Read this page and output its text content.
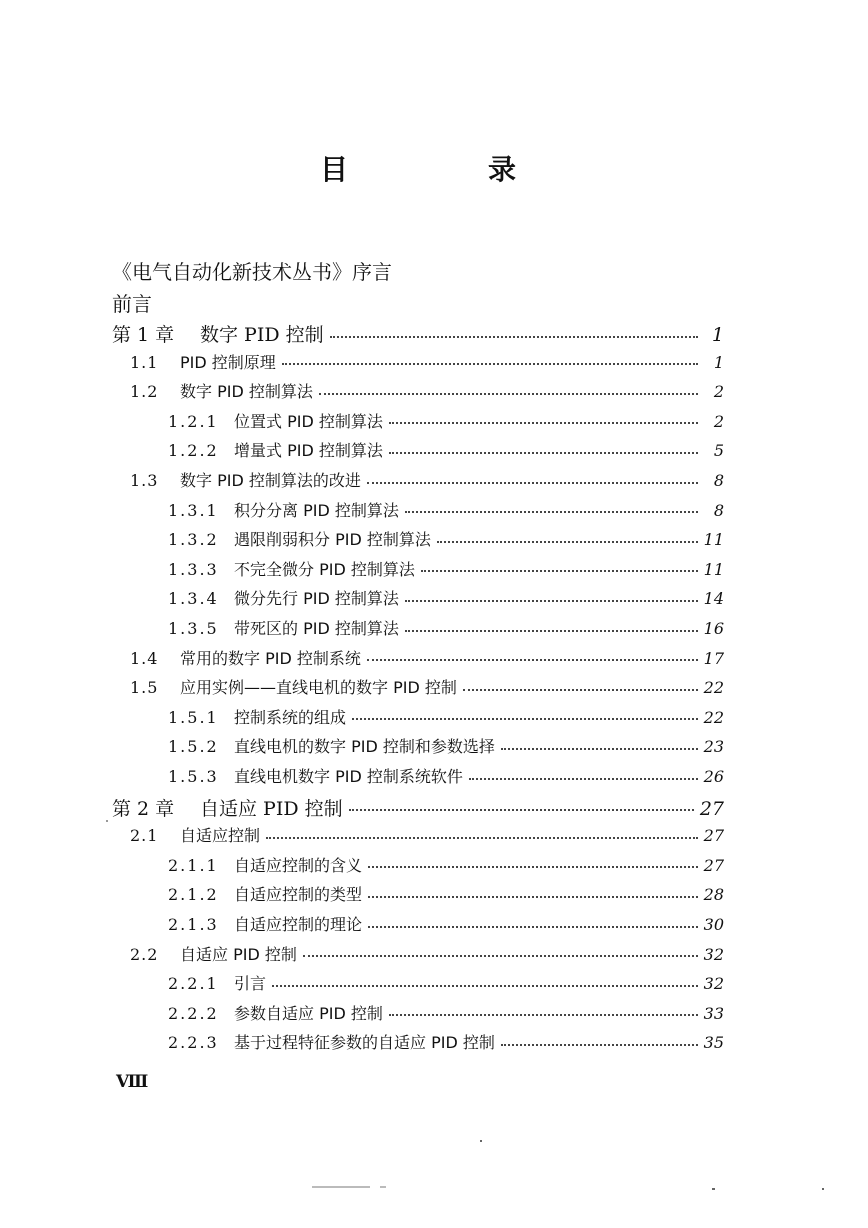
目　录
《电气自动化新技术丛书》序言
前言
第 1 章	数字 PID 控制	1
1.1	PID 控制原理	1
1.2	数字 PID 控制算法	2
1.2.1 位置式 PID 控制算法	2
1.2.2 增量式 PID 控制算法	5
1.3	数字 PID 控制算法的改进	8
1.3.1 积分分离 PID 控制算法	8
1.3.2 遇限削弱积分 PID 控制算法	11
1.3.3 不完全微分 PID 控制算法	11
1.3.4 微分先行 PID 控制算法	14
1.3.5 带死区的 PID 控制算法	16
1.4	常用的数字 PID 控制系统	17
1.5	应用实例——直线电机的数字 PID 控制	22
1.5.1 控制系统的组成	22
1.5.2 直线电机的数字 PID 控制和参数选择	23
1.5.3 直线电机数字 PID 控制系统软件	26
第 2 章	自适应 PID 控制	27
2.1	自适应控制	27
2.1.1 自适应控制的含义	27
2.1.2 自适应控制的类型	28
2.1.3 自适应控制的理论	30
2.2	自适应 PID 控制	32
2.2.1 引言	32
2.2.2 参数自适应 PID 控制	33
2.2.3 基于过程特征参数的自适应 PID 控制	35
Ⅷ
